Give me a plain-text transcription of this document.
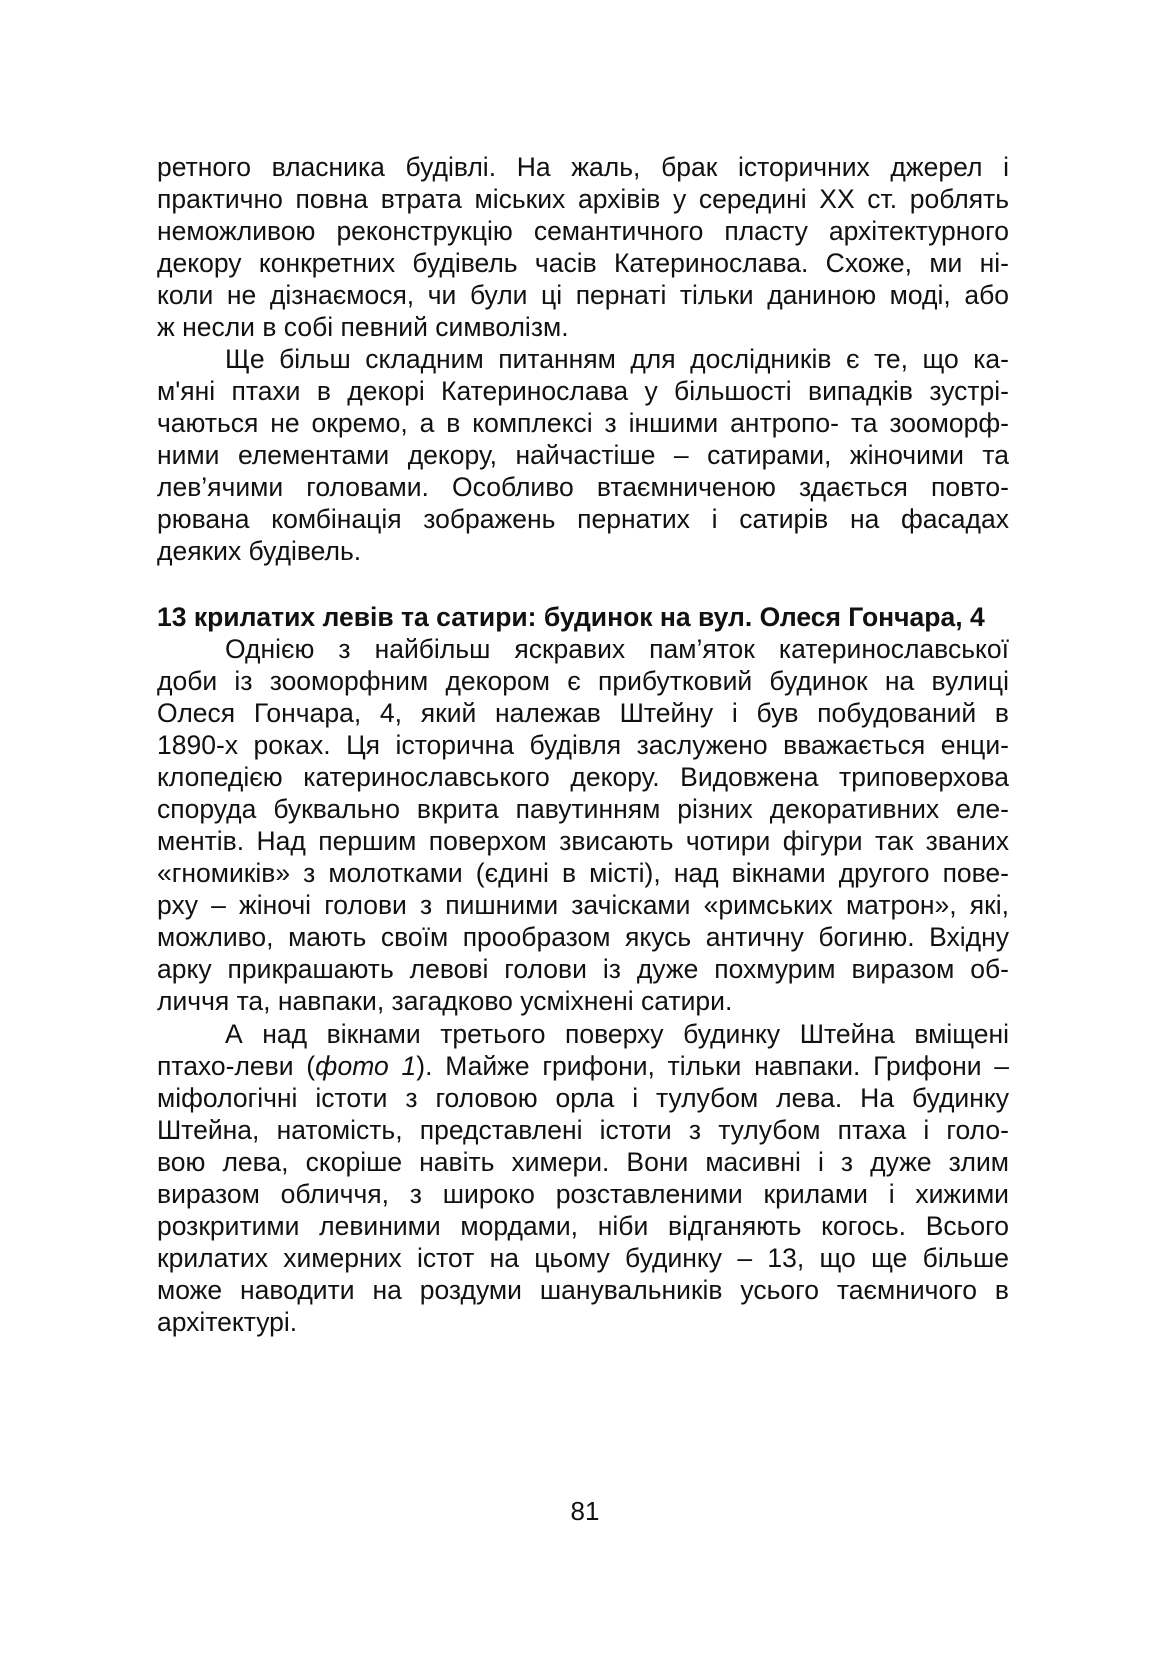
ретного власника будівлі. На жаль, брак історичних джерел і
практично повна втрата міських архівів у середині ХХ ст. роблять
неможливою реконструкцію семантичного пласту архітектурного
декору конкретних будівель часів Катеринослава. Схоже, ми ні-
коли не дізнаємося, чи були ці пернаті тільки даниною моді, або
ж несли в собі певний символізм.
Ще більш складним питанням для дослідників є те, що ка-
м'яні птахи в декорі Катеринослава у більшості випадків зустрі-
чаються не окремо, а в комплексі з іншими антропо- та зооморф-
ними елементами декору, найчастіше – сатирами, жіночими та
лев’ячими головами. Особливо втаємниченою здається повто-
рювана комбінація зображень пернатих і сатирів на фасадах
деяких будівель.
13 крилатих левів та сатири: будинок на вул. Олеся Гончара, 4
Однією з найбільш яскравих пам’яток катеринославської
доби із зооморфним декором є прибутковий будинок на вулиці
Олеся Гончара, 4, який належав Штейну і був побудований в
1890-х роках. Ця історична будівля заслужено вважається енци-
клопедією катеринославського декору. Видовжена триповерхова
споруда буквально вкрита павутинням різних декоративних еле-
ментів. Над першим поверхом звисають чотири фігури так званих
«гномиків» з молотками (єдині в місті), над вікнами другого пове-
рху – жіночі голови з пишними зачісками «римських матрон», які,
можливо, мають своїм прообразом якусь античну богиню. Вхідну
арку прикрашають левові голови із дуже похмурим виразом об-
личчя та, навпаки, загадково усміхнені сатири.
А над вікнами третього поверху будинку Штейна вміщені
птахо-леви (фото 1). Майже грифони, тільки навпаки. Грифони –
міфологічні істоти з головою орла і тулубом лева. На будинку
Штейна, натомість, представлені істоти з тулубом птаха і голо-
вою лева, скоріше навіть химери. Вони масивні і з дуже злим
виразом обличчя, з широко розставленими крилами і хижими
розкритими левиними мордами, ніби відганяють когось. Всього
крилатих химерних істот на цьому будинку – 13, що ще більше
може наводити на роздуми шанувальників усього таємничого в
архітектурі.
81
